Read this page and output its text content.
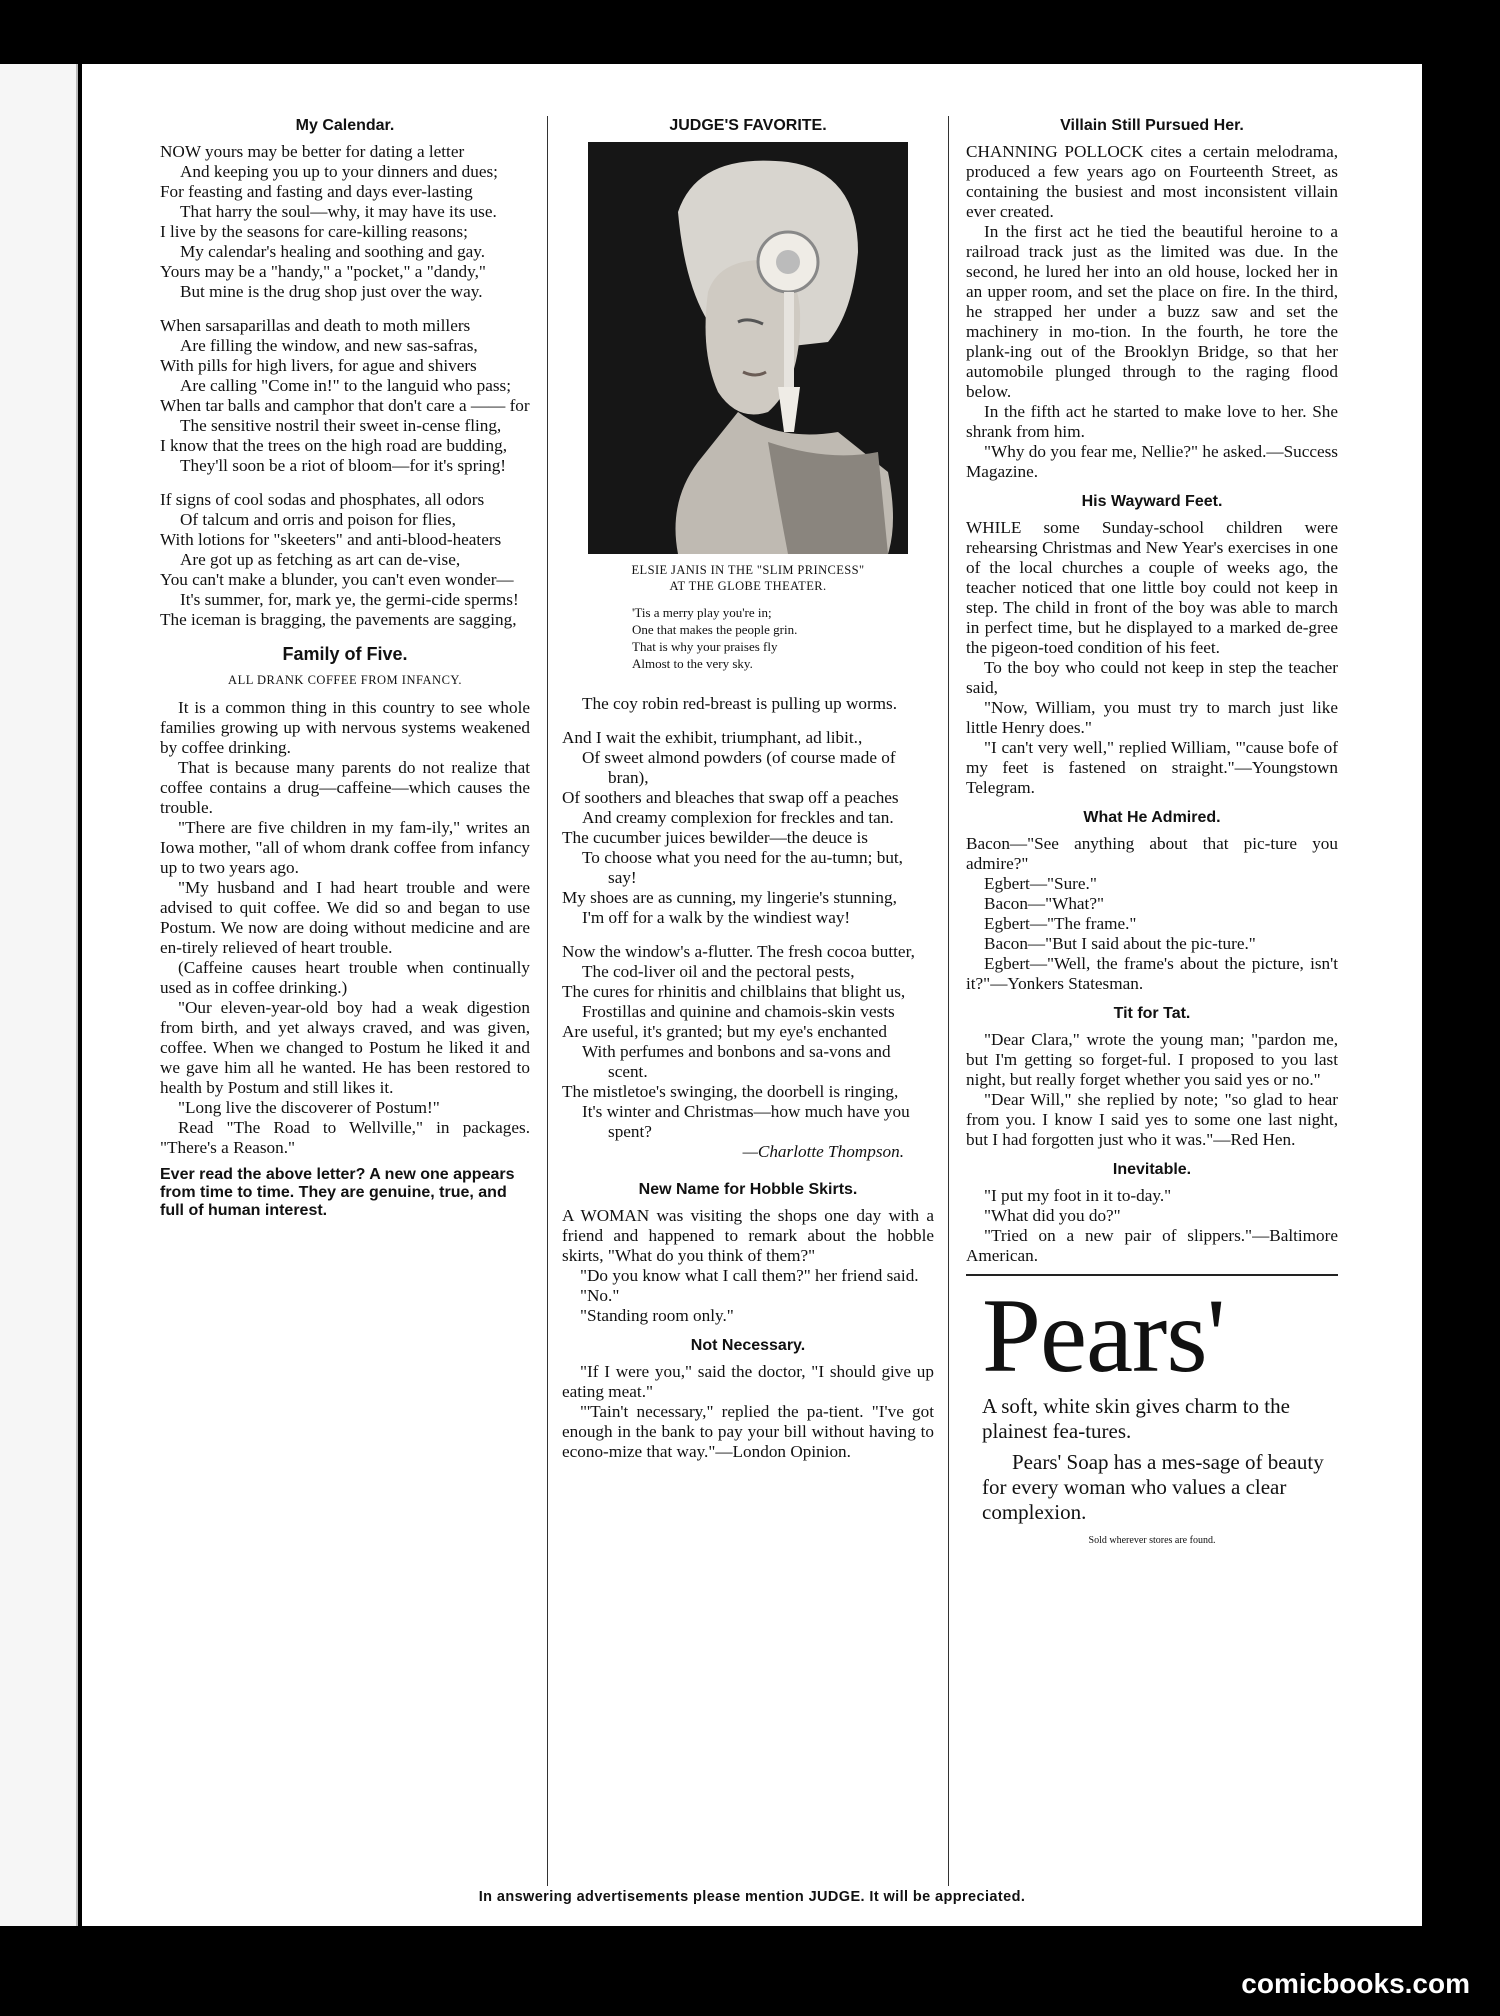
My Calendar.
NOW yours may be better for dating a letter
And keeping you up to your dinners and dues;
For feasting and fasting and days ever-lasting
That harry the soul—why, it may have its use.
I live by the seasons for care-killing reasons;
My calendar's healing and soothing and gay.
Yours may be a "handy," a "pocket," a "dandy,"
But mine is the drug shop just over the way.
When sarsaparillas and death to moth millers
Are filling the window, and new sas-safras,
With pills for high livers, for ague and shivers
Are calling "Come in!" to the languid who pass;
When tar balls and camphor that don't care a —— for
The sensitive nostril their sweet in-cense fling,
I know that the trees on the high road are budding,
They'll soon be a riot of bloom—for it's spring!
If signs of cool sodas and phosphates, all odors
Of talcum and orris and poison for flies,
With lotions for "skeeters" and anti-blood-heaters
Are got up as fetching as art can de-vise,
You can't make a blunder, you can't even wonder—
It's summer, for, mark ye, the germi-cide sperms!
The iceman is bragging, the pavements are sagging,
Family of Five.
ALL DRANK COFFEE FROM INFANCY.

It is a common thing in this country to see whole families growing up with nervous systems weakened by coffee drinking.

That is because many parents do not realize that coffee contains a drug—caffeine—which causes the trouble.

"There are five children in my fam-ily," writes an Iowa mother, "all of whom drank coffee from infancy up to two years ago.

"My husband and I had heart trouble and were advised to quit coffee. We did so and began to use Postum. We now are doing without medicine and are en-tirely relieved of heart trouble.

(Caffeine causes heart trouble when continually used as in coffee drinking.)

"Our eleven-year-old boy had a weak digestion from birth, and yet always craved, and was given, coffee. When we changed to Postum he liked it and we gave him all he wanted. He has been restored to health by Postum and still likes it.

"Long live the discoverer of Postum!"

Read "The Road to Wellville," in packages. "There's a Reason."

Ever read the above letter? A new one appears from time to time. They are genuine, true, and full of human interest.
JUDGE'S FAVORITE.
ELSIE JANIS IN THE "SLIM PRINCESS"
AT THE GLOBE THEATER.
'Tis a merry play you're in;
One that makes the people grin.
That is why your praises fly
Almost to the very sky.
The coy robin red-breast is pulling up worms.
And I wait the exhibit, triumphant, ad libit.,
Of sweet almond powders (of course made of bran),
Of soothers and bleaches that swap off a peaches
And creamy complexion for freckles and tan.
The cucumber juices bewilder—the deuce is
To choose what you need for the au-tumn; but, say!
My shoes are as cunning, my lingerie's stunning,
I'm off for a walk by the windiest way!
Now the window's a-flutter. The fresh cocoa butter,
The cod-liver oil and the pectoral pests,
The cures for rhinitis and chilblains that blight us,
Frostillas and quinine and chamois-skin vests
Are useful, it's granted; but my eye's enchanted
With perfumes and bonbons and sa-vons and scent.
The mistletoe's swinging, the doorbell is ringing,
It's winter and Christmas—how much have you spent?
—Charlotte Thompson.
New Name for Hobble Skirts.

A WOMAN was visiting the shops one day with a friend and happened to remark about the hobble skirts, "What do you think of them?"

"Do you know what I call them?" her friend said.

"No."

"Standing room only."

Not Necessary.

"If I were you," said the doctor, "I should give up eating meat."

"'Tain't necessary," replied the pa-tient. "I've got enough in the bank to pay your bill without having to econo-mize that way."—London Opinion.

Villain Still Pursued Her.

CHANNING POLLOCK cites a certain melodrama, produced a few years ago on Fourteenth Street, as containing the busiest and most inconsistent villain ever created.

In the first act he tied the beautiful heroine to a railroad track just as the limited was due. In the second, he lured her into an old house, locked her in an upper room, and set the place on fire. In the third, he strapped her under a buzz saw and set the machinery in mo-tion. In the fourth, he tore the plank-ing out of the Brooklyn Bridge, so that her automobile plunged through to the raging flood below.

In the fifth act he started to make love to her. She shrank from him.

"Why do you fear me, Nellie?" he asked.—Success Magazine.

His Wayward Feet.

WHILE some Sunday-school children were rehearsing Christmas and New Year's exercises in one of the local churches a couple of weeks ago, the teacher noticed that one little boy could not keep in step. The child in front of the boy was able to march in perfect time, but he displayed to a marked de-gree the pigeon-toed condition of his feet.

To the boy who could not keep in step the teacher said,

"Now, William, you must try to march just like little Henry does."

"I can't very well," replied William, "'cause bofe of my feet is fastened on straight."—Youngstown Telegram.

What He Admired.

Bacon—"See anything about that pic-ture you admire?"

Egbert—"Sure."

Bacon—"What?"

Egbert—"The frame."

Bacon—"But I said about the pic-ture."

Egbert—"Well, the frame's about the picture, isn't it?"—Yonkers Statesman.

Tit for Tat.

"Dear Clara," wrote the young man; "pardon me, but I'm getting so forget-ful. I proposed to you last night, but really forget whether you said yes or no."

"Dear Will," she replied by note; "so glad to hear from you. I know I said yes to some one last night, but I had forgotten just who it was."—Red Hen.

Inevitable.

"I put my foot in it to-day."

"What did you do?"

"Tried on a new pair of slippers."—Baltimore American.

Pears'

A soft, white skin gives charm to the plainest fea-tures.

Pears' Soap has a mes-sage of beauty for every woman who values a clear complexion.

Sold wherever stores are found.
In answering advertisements please mention JUDGE. It will be appreciated.
comicbooks.com
